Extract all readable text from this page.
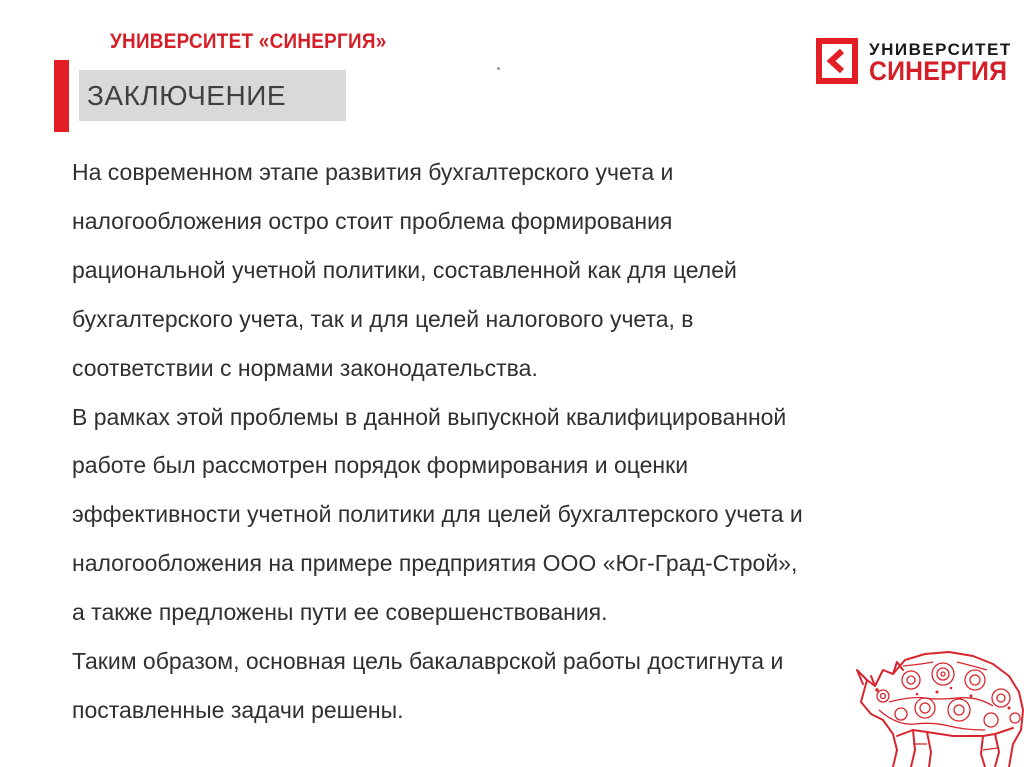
УНИВЕРСИТЕТ «СИНЕРГИЯ»
ЗАКЛЮЧЕНИЕ
УНИВЕРСИТЕТ
СИНЕРГИЯ
На современном этапе развития бухгалтерского учета и
налогообложения остро стоит проблема формирования
рациональной учетной политики, составленной как для целей
бухгалтерского учета, так и для целей налогового учета, в
соответствии с нормами законодательства.
В рамках этой проблемы в данной выпускной квалифицированной
работе был рассмотрен порядок формирования и оценки
эффективности учетной политики для целей бухгалтерского учета и
налогообложения на примере предприятия ООО «Юг-Град-Строй»,
а также предложены пути ее совершенствования.
Таким образом, основная цель бакалаврской работы достигнута и
поставленные задачи решены.
